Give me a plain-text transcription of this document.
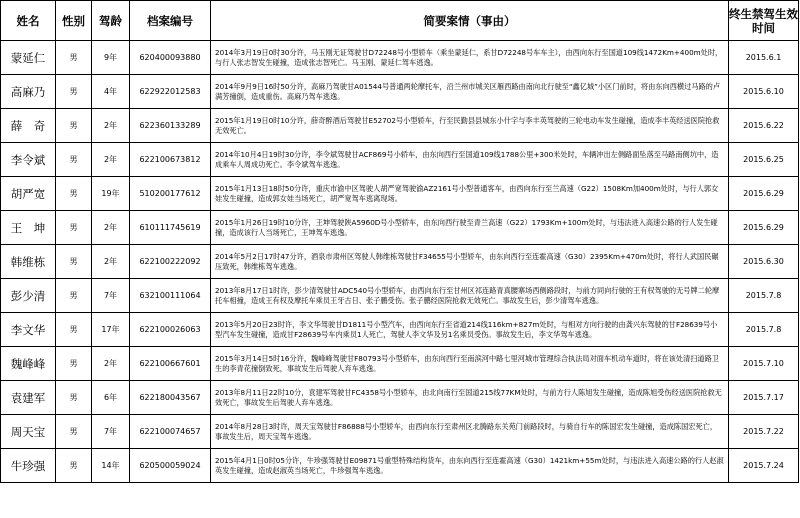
姓名	性别	驾龄	档案编号	简要案情（事由）	终生禁驾生效时间
蒙延仁	男	9年	620400093880	2014年3月19日0时30分许，马玉刚无证驾驶甘D72248号小型轿车（乘坐蒙延仁，系甘D72248号车车主），由西向东行至国道109线1472Km+400m处时，与行人张志智发生碰撞，造成张志智死亡。马玉刚、蒙延仁驾车逃逸。	2015.6.1
高麻乃	男	4年	622922012583	2014年9月9日16时50分许，高麻乃驾驶甘A01544号普通两轮摩托车，沿兰州市城关区雁西路由南向北行驶至“鑫亿城”小区门前时，将由东向西横过马路的卢满芳撞倒，造成重伤。高麻乃驾车逃逸。	2015.6.10
薛　奇	男	2年	622360133289	2015年1月19日0时10分许，薛奇醉酒后驾驶甘E52702号小型轿车，行至民勤县县城东小什字与李丰英驾驶的三轮电动车发生碰撞，造成李丰英经送医院抢救无效死亡。	2015.6.22
李令斌	男	2年	622100673812	2014年10月4日19时30分许，李令斌驾驶甘ACF869号小轿车，由东向西行至国道109线1788公里+300米处时，车辆冲出左侧路面坠落至马路南侧坑中，造成乘车人周成功死亡。李令斌驾车逃逸。	2015.6.25
胡严宽	男	19年	510200177612	2015年1月13日18时50分许，重庆市渝中区驾驶人胡严宽驾驶渝AZ2161号小型普通客车，由西向东行至兰高速（G22）1508Km加400m处时，与行人郭女娃发生碰撞，造成郭女娃当场死亡，胡严宽驾车逃离现场。	2015.6.29
王　坤	男	2年	610111745619	2015年1月26日19时10分许，王坤驾驶陕A5960D号小型轿车，由东向西行驶至青兰高速（G22）1793Km+100m处时，与违法进入高速公路的行人发生碰撞，造成该行人当场死亡，王坤驾车逃逸。	2015.6.29
韩维栋	男	2年	622100222092	2014年5月2日17时47分许，酒泉市肃州区驾驶人韩维栋驾驶甘F34655号小型轿车，由东向西行至连霍高速（G30）2395Km+470m处时，将行人武国民碾压致死，韩维栋驾车逃逸。	2015.6.30
彭少清	男	7年	632100111064	2013年8月17日1时许，彭少清驾驶甘ADC540号小型轿车，由西向东行至甘州区祁连路青真腰寨场西侧路段时，与前方同向行驶的王有权驾驶的无号牌二轮摩托车相撞，造成王有权及摩托车乘员王牙古日、张子鹏受伤。张子鹏经医院抢救无效死亡。事故发生后，彭少清驾车逃逸。	2015.7.8
李文华	男	17年	622100026063	2013年5月20日23时许，李文华驾驶甘D1811号小型汽车，由西向东行至省道214线116km+827m处时，与相对方向行驶的由龚兴东驾驶的甘F28639号小型汽车发生碰撞，造成甘F28639号车内乘员1人死亡，驾驶人李文华及另1名乘员受伤。事故发生后，李文华驾车逃逸。	2015.7.8
魏峰峰	男	2年	622100667601	2015年3月14日5时16分许，魏峰峰驾驶甘F80793号小型轿车，由东向西行至南滨河中路七里河城市管理综合执法局对面车机动车道时，将在该处清扫道路卫生的李青花撞倒致死，事故发生后驾驶人弃车逃逸。	2015.7.10
袁建军	男	6年	622180043567	2013年8月11日22时10分，袁建军驾驶甘FC4358号小型轿车，由北向南行至国道215线77KM处时，与前方行人陈旭发生碰撞，造成陈旭受伤经送医院抢救无效死亡，事故发生后驾驶人弃车逃逸。	2015.7.17
周天宝	男	7年	622100074657	2014年8月28日3时许，周天宝驾驶甘F86888号小型轿车，由西向东行至肃州区北腾路东关苑门前路段时，与骑自行车的陈国宏发生碰撞，造成陈国宏死亡，事故发生后，周天宝驾车逃逸。	2015.7.22
牛珍强	男	14年	620500059024	2015年4月1日0时05分许，牛珍强驾驶甘E09871号重型特殊结构货车，由东向西行至连霍高速（G30）1421km+55m处时，与违法进入高速公路的行人赵淑英发生碰撞，造成赵淑英当场死亡，牛珍强驾车逃逸。	2015.7.24
